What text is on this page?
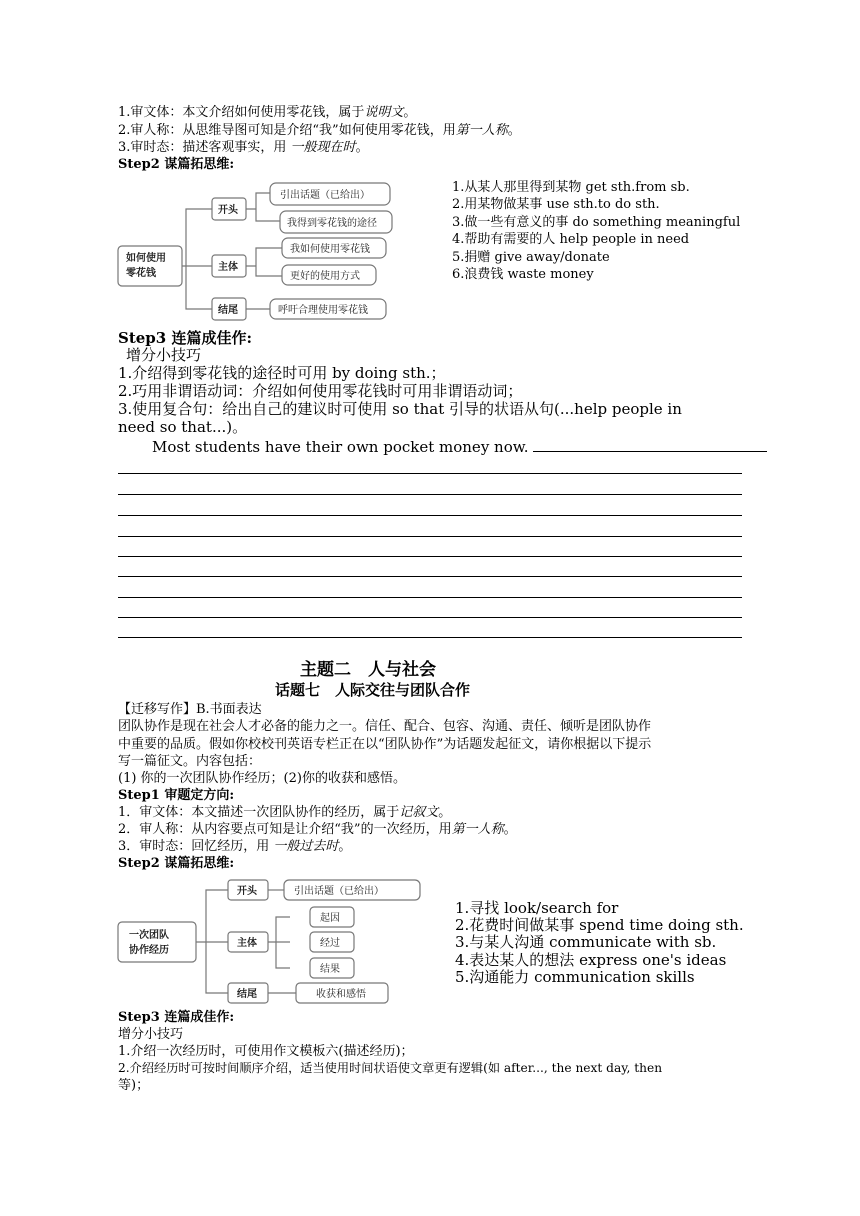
1.审文体：本文介绍如何使用零花钱，属于说明文。
2.审人称：从思维导图可知是介绍“我”如何使用零花钱，用第一人称。
3.审时态：描述客观事实，用 一般现在时。
Step2 谋篇拓思维:
如何使用
零花钱
开头
主体
结尾
引出话题（已给出）
我得到零花钱的途径
我如何使用零花钱
更好的使用方式
呼吁合理使用零花钱
1.从某人那里得到某物 get sth.from sb.
2.用某物做某事 use sth.to do sth.
3.做一些有意义的事 do something meaningful
4.帮助有需要的人 help people in need
5.捐赠 give away/donate
6.浪费钱 waste money
Step3 连篇成佳作:
增分小技巧
1.介绍得到零花钱的途径时可用 by doing sth.；
2.巧用非谓语动词：介绍如何使用零花钱时可用非谓语动词；
3.使用复合句：给出自己的建议时可使用 so that 引导的状语从句(...help people in
need so that...)。
Most students have their own pocket money now.
主题二　人与社会
话题七　人际交往与团队合作
【迁移写作】B.书面表达
团队协作是现在社会人才必备的能力之一。信任、配合、包容、沟通、责任、倾听是团队协作
中重要的品质。假如你校校刊英语专栏正在以“团队协作”为话题发起征文，请你根据以下提示
写一篇征文。内容包括：
(1) 你的一次团队协作经历；(2)你的收获和感悟。
Step1 审题定方向:
1．审文体：本文描述一次团队协作的经历，属于记叙文。
2．审人称：从内容要点可知是让介绍“我”的一次经历，用第一人称。
3．审时态：回忆经历，用 一般过去时。
Step2 谋篇拓思维:
一次团队
协作经历
开头
主体
结尾
引出话题（已给出）
起因
经过
结果
收获和感悟
1.寻找 look/search for
2.花费时间做某事 spend time doing sth.
3.与某人沟通 communicate with sb.
4.表达某人的想法 express one's ideas
5.沟通能力 communication skills
Step3 连篇成佳作:
增分小技巧
1.介绍一次经历时，可使用作文模板六(描述经历)；
2.介绍经历时可按时间顺序介绍，适当使用时间状语使文章更有逻辑(如 after..., the next day, then
等)；
